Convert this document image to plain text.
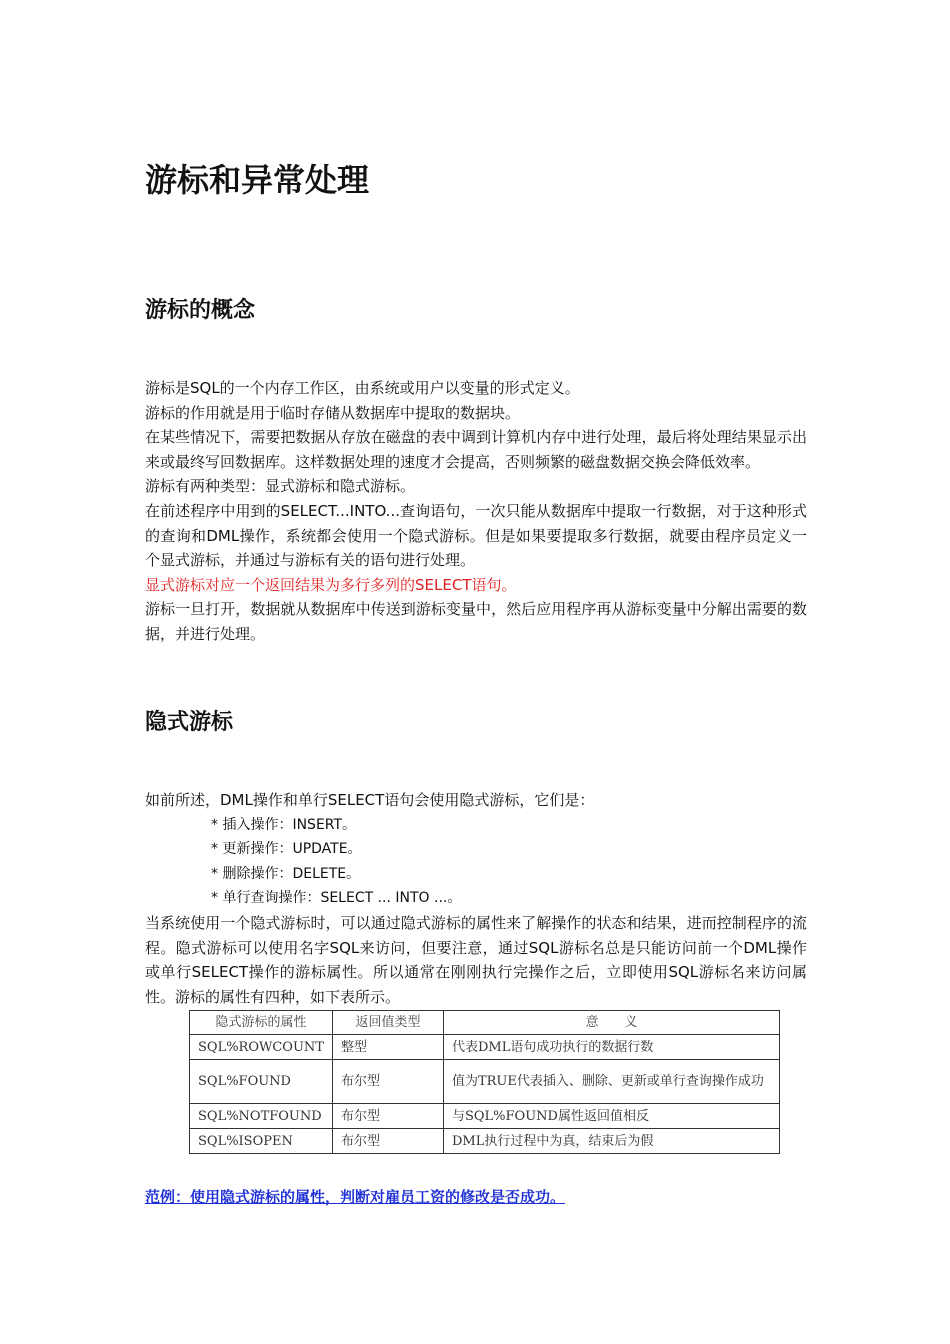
游标和异常处理
游标的概念

游标是SQL的一个内存工作区，由系统或用户以变量的形式定义。

游标的作用就是用于临时存储从数据库中提取的数据块。

在某些情况下，需要把数据从存放在磁盘的表中调到计算机内存中进行处理，最后将处理结果显示出来或最终写回数据库。这样数据处理的速度才会提高，否则频繁的磁盘数据交换会降低效率。

游标有两种类型：显式游标和隐式游标。

在前述程序中用到的SELECT...INTO...查询语句，一次只能从数据库中提取一行数据，对于这种形式的查询和DML操作，系统都会使用一个隐式游标。但是如果要提取多行数据，就要由程序员定义一个显式游标，并通过与游标有关的语句进行处理。

显式游标对应一个返回结果为多行多列的SELECT语句。

游标一旦打开，数据就从数据库中传送到游标变量中，然后应用程序再从游标变量中分解出需要的数据，并进行处理。

隐式游标

如前所述，DML操作和单行SELECT语句会使用隐式游标，它们是：

* 插入操作：INSERT。

* 更新操作：UPDATE。

* 删除操作：DELETE。

* 单行查询操作：SELECT ... INTO ...。

当系统使用一个隐式游标时，可以通过隐式游标的属性来了解操作的状态和结果，进而控制程序的流程。隐式游标可以使用名字SQL来访问，但要注意，通过SQL游标名总是只能访问前一个DML操作或单行SELECT操作的游标属性。所以通常在刚刚执行完操作之后，立即使用SQL游标名来访问属性。游标的属性有四种，如下表所示。

隐式游标的属性	返回值类型	意　　义
SQL%ROWCOUNT	整型	代表DML语句成功执行的数据行数
SQL%FOUND	布尔型	值为TRUE代表插入、删除、更新或单行查询操作成功
SQL%NOTFOUND	布尔型	与SQL%FOUND属性返回值相反
SQL%ISOPEN	布尔型	DML执行过程中为真，结束后为假
范例：使用隐式游标的属性，判断对雇员工资的修改是否成功。
